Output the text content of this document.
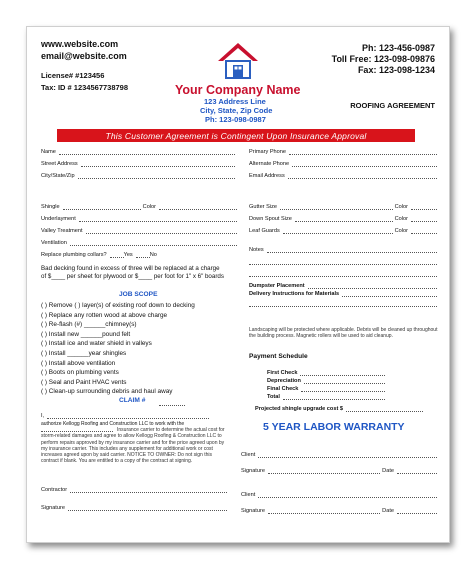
www.website.com
email@website.com
License# #123456
Tax: ID # 1234567738798	Your Company Name
123 Address Line
City, State, Zip Code
Ph: 123-098-0987
Ph: 123-456-0987
Toll Free: 123-098-09876
Fax: 123-098-1234
ROOFING AGREEMENT
This Customer Agreement is Contingent Upon Insurance Approval
Name
Street Address
City/State/Zip
Shingle	Color
Underlayment
Valley Treatment
Ventilation
Replace plumbing collars?	Yes	No
Bad decking found in excess of three will be replaced at a charge
of $____ per sheet for plywood or $____ per foot for 1" x 6" boards
JOB SCOPE
( ) Remove ( ) layer(s) of existing roof down to decking
( ) Replace any rotten wood at above charge
( ) Re-flash (#) ______chimney(s)
( ) Install new ______pound felt
( ) Install ice and water shield in valleys
( ) Install ______year shingles
( ) Install above ventilation
( ) Boots on plumbing vents
( ) Seal and Paint HVAC vents
( ) Clean-up surrounding debris and haul away
CLAIM #
I,
authorize Kellogg Roofing and Construction LLC to work with the
Insurance carrier to determine the actual cost for storm-related damages and agree to allow Kellogg Roofing & Construction LLC to perform repairs approved by my insurance carrier and for the price agreed upon by my insurance carrier. This includes any supplement for additional work or cost increases agreed upon by said carrier. NOTICE TO OWNER: Do not sign this contract if blank. You are entitled to a copy of the contract at signing.
Contractor
Signature
Primary Phone
Alternate Phone
Email Address
Gutter Size	Color
Down Spout Size	Color
Leaf Guards	Color
Notes
Dumpster Placement
Delivery Instructions for Materials
Landscaping will be protected where applicable. Debris will be cleaned up throughout the building process. Magnetic rollers will be used to aid cleanup.
Payment Schedule
First Check
Depreciation
Final Check
Total
Projected shingle upgrade cost $
5 YEAR LABOR WARRANTY
Client
Signature	Date
Client
Signature	Date
